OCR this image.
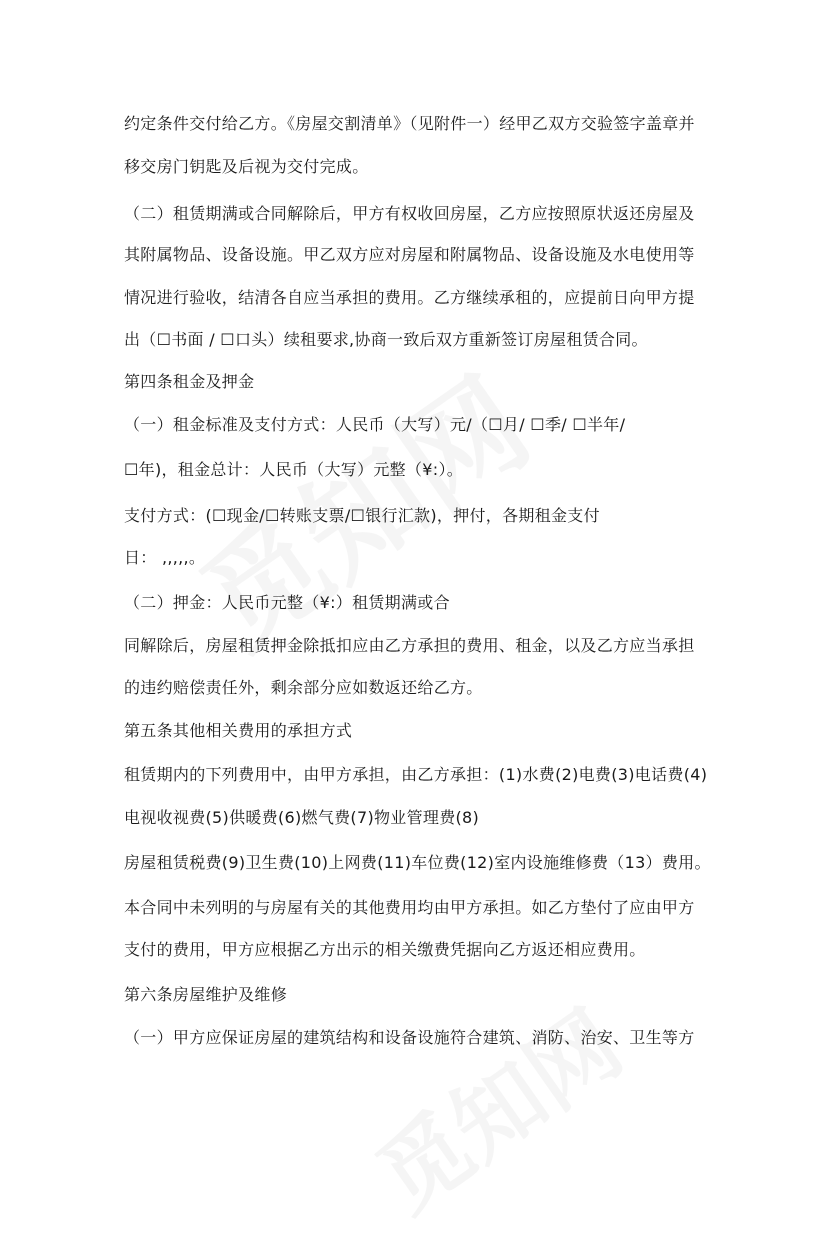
约定条件交付给乙方。《房屋交割清单》（见附件一）经甲乙双方交验签字盖章并
移交房门钥匙及后视为交付完成。
（二）租赁期满或合同解除后，甲方有权收回房屋，乙方应按照原状返还房屋及
其附属物品、设备设施。甲乙双方应对房屋和附属物品、设备设施及水电使用等
情况进行验收，结清各自应当承担的费用。乙方继续承租的，应提前日向甲方提
出（☐书面 / ☐口头）续租要求,协商一致后双方重新签订房屋租赁合同。
第四条租金及押金
（一）租金标准及支付方式：人民币（大写）元/（☐月/ ☐季/ ☐半年/
☐年)，租金总计：人民币（大写）元整（¥:）。
支付方式：(☐现金/☐转账支票/☐银行汇款)，押付，各期租金支付
日： ,,,,,。
（二）押金：人民币元整（¥:）租赁期满或合
同解除后，房屋租赁押金除抵扣应由乙方承担的费用、租金，以及乙方应当承担
的违约赔偿责任外，剩余部分应如数返还给乙方。
第五条其他相关费用的承担方式
租赁期内的下列费用中，由甲方承担，由乙方承担：(1)水费(2)电费(3)电话费(4)
电视收视费(5)供暖费(6)燃气费(7)物业管理费(8)
房屋租赁税费(9)卫生费(10)上网费(11)车位费(12)室内设施维修费（13）费用。
本合同中未列明的与房屋有关的其他费用均由甲方承担。如乙方垫付了应由甲方
支付的费用，甲方应根据乙方出示的相关缴费凭据向乙方返还相应费用。
第六条房屋维护及维修
（一）甲方应保证房屋的建筑结构和设备设施符合建筑、消防、治安、卫生等方
